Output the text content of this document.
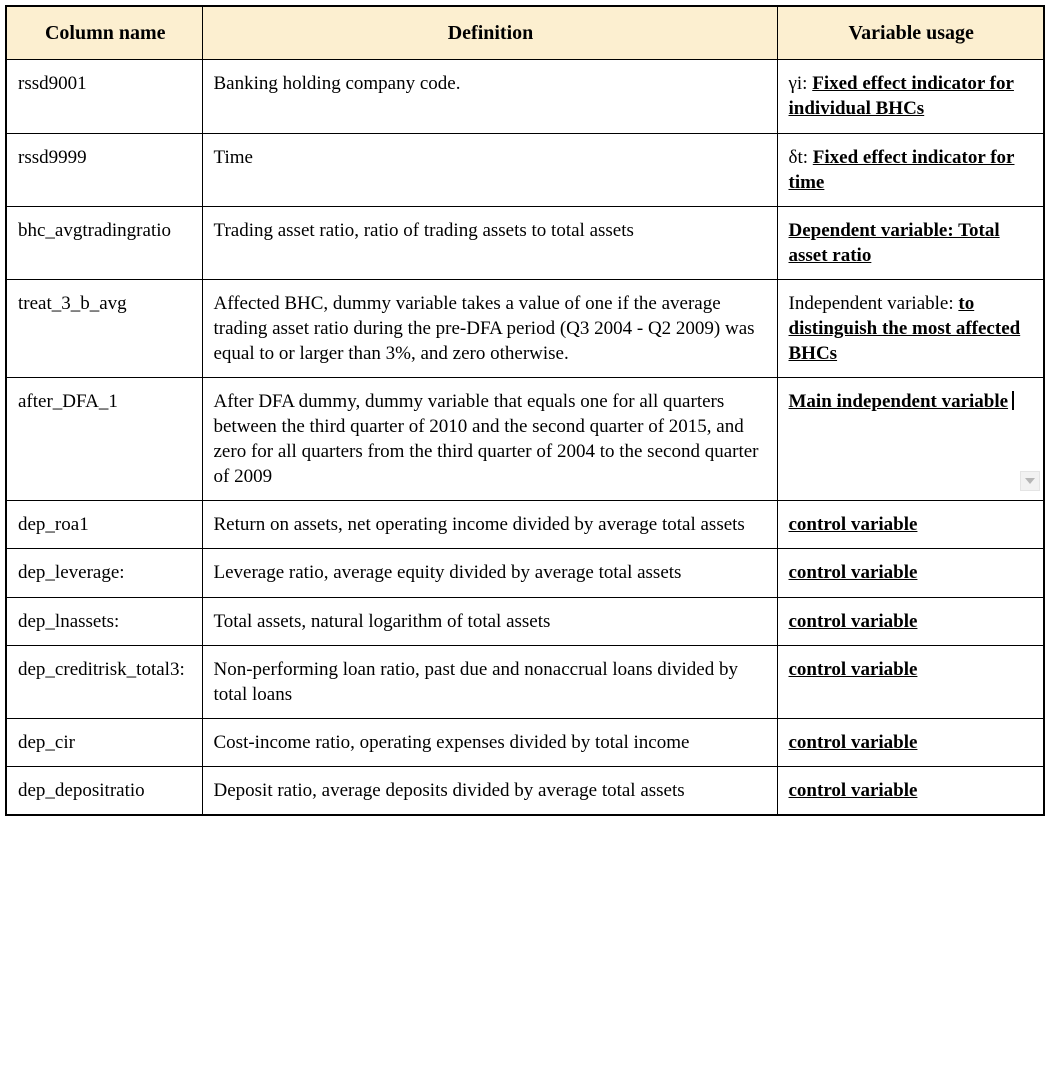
Column name	Definition	Variable usage
rssd9001	Banking holding company code.	γi: Fixed effect indicator for individual BHCs
rssd9999	Time	δt: Fixed effect indicator for time
bhc_avgtradingratio	Trading asset ratio, ratio of trading assets to total assets	Dependent variable: Total asset ratio
treat_3_b_avg	Affected BHC, dummy variable takes a value of one if the average trading asset ratio during the pre-DFA period (Q3 2004 - Q2 2009) was equal to or larger than 3%, and zero otherwise.	Independent variable: to distinguish the most affected BHCs
after_DFA_1	After DFA dummy, dummy variable that equals one for all quarters between the third quarter of 2010 and the second quarter of 2015, and zero for all quarters from the third quarter of 2004 to the second quarter of 2009	Main independent variable
dep_roa1	Return on assets, net operating income divided by average total assets	control variable
dep_leverage:	Leverage ratio, average equity divided by average total assets	control variable
dep_lnassets:	Total assets, natural logarithm of total assets	control variable
dep_creditrisk_total3:	Non-performing loan ratio, past due and nonaccrual loans divided by total loans	control variable
dep_cir	Cost-income ratio, operating expenses divided by total income	control variable
dep_depositratio	Deposit ratio, average deposits divided by average total assets	control variable
